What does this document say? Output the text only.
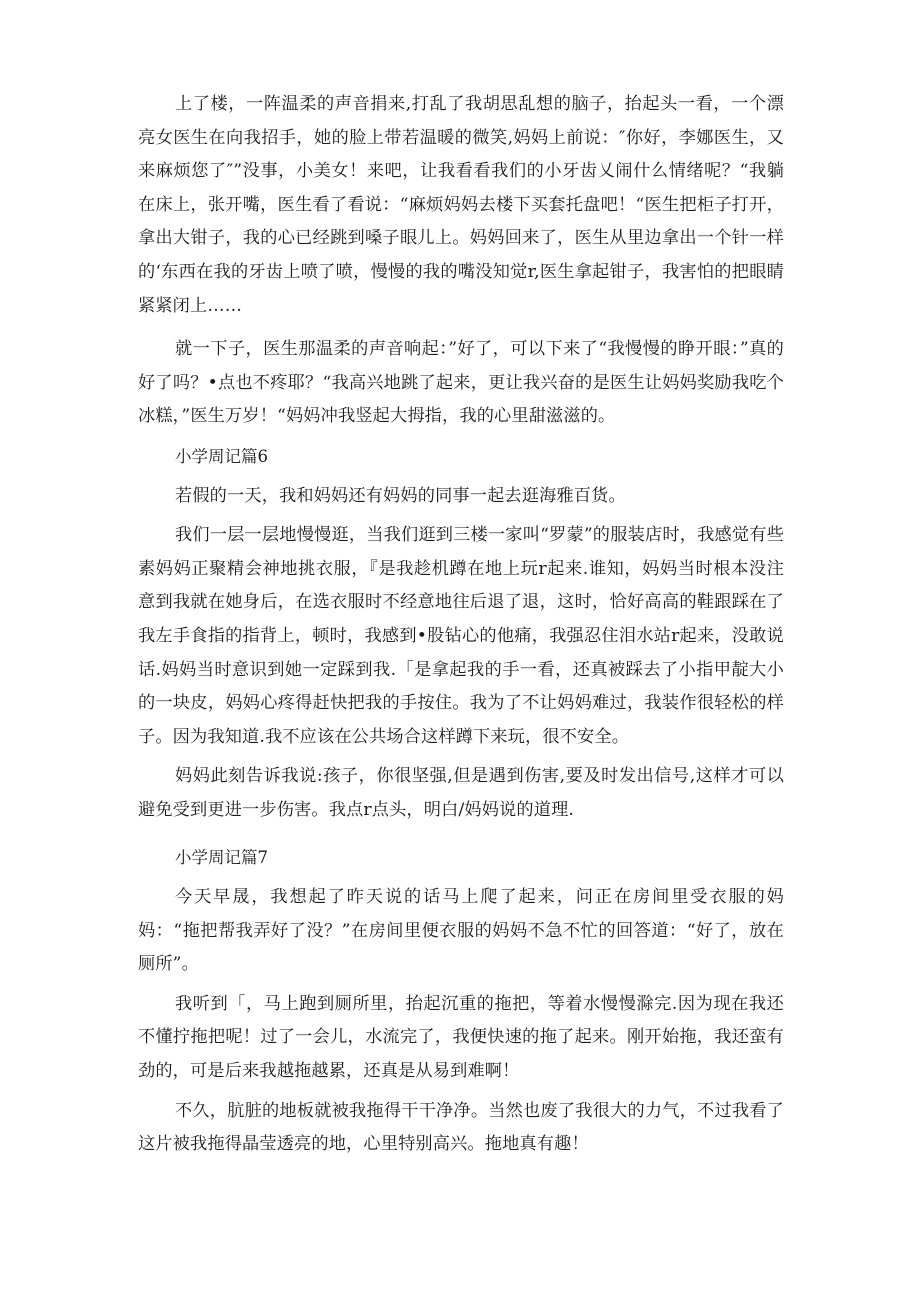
上了楼，一阵温柔的声音捐来,打乱了我胡思乱想的脑子，抬起头一看，一个漂亮女医生在向我招手，她的脸上带若温暖的微笑,妈妈上前说：″你好，李娜医生，又来麻烦您了″”没事，小美女！来吧，让我看看我们的小牙齿乂闹什么情绪呢？“我躺在床上，张开嘴，医生看了看说：“麻烦妈妈去楼下买套托盘吧！“医生把柜子打开，拿出大钳子，我的心已经跳到嗓子眼儿上。妈妈回来了，医生从里边拿出一个针一样的‘东西在我的牙齿上喷了喷，慢慢的我的嘴没知觉r,医生拿起钳子，我害怕的把眼睛紧紧闭上……

就一下子，医生那温柔的声音响起：”好了，可以下来了“我慢慢的睁开眼：”真的好了吗？•点也不疼耶？“我高兴地跳了起来，更让我兴奋的是医生让妈妈奖励我吃个冰糕，”医生万岁！“妈妈冲我竖起大拇指，我的心里甜滋滋的。

小学周记篇6

若假的一天，我和妈妈还有妈妈的同事一起去逛海雅百货。

我们一层一层地慢慢逛，当我们逛到三楼一家叫“罗蒙”的服装店时，我感觉有些素妈妈正聚精会神地挑衣服，『是我趁机蹲在地上玩r起来.谁知，妈妈当时根本没注意到我就在她身后，在选衣服时不经意地往后退了退，这时，恰好高高的鞋跟踩在了我左手食指的指背上，顿时，我感到•股钻心的他痛，我强忍住泪水站r起来，没敢说话.妈妈当时意识到她一定踩到我.「是拿起我的手一看，还真被踩去了小指甲靛大小的一块皮，妈妈心疼得赶快把我的手按住。我为了不让妈妈难过，我装作很轻松的样子。因为我知道.我不应该在公共场合这样蹲下来玩，很不安全。

妈妈此刻告诉我说:孩子，你很坚强,但是遇到伤害,要及时发出信号,这样才可以避免受到更进一步伤害。我点r点头，明白/妈妈说的道理.

小学周记篇7

今天早晟，我想起了昨天说的话马上爬了起来，问正在房间里受衣服的妈妈：“拖把帮我弄好了没？”在房间里便衣服的妈妈不急不忙的回答道：“好了，放在厕所”。

我听到「，马上跑到厕所里，抬起沉重的拖把，等着水慢慢滁完.因为现在我还不懂拧拖把呢！过了一会儿，水流完了，我便快速的拖了起来。刚开始拖，我还蛮有劲的，可是后来我越拖越累，还真是从易到难啊！

不久，肮脏的地板就被我拖得干干净净。当然也废了我很大的力气，不过我看了这片被我拖得晶莹透亮的地，心里特别高兴。拖地真有趣！
